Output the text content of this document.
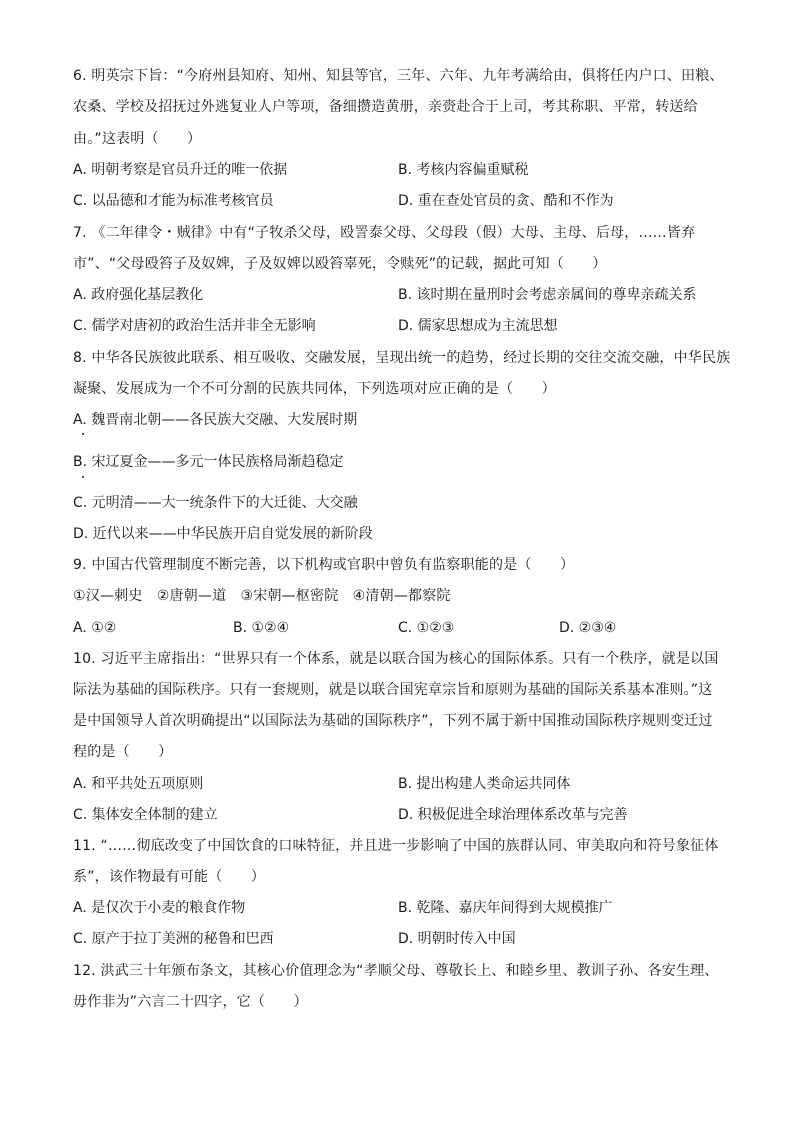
6. 明英宗下旨：“今府州县知府、知州、知县等官，三年、六年、九年考满给由，俱将任内户口、田粮、
农桑、学校及招抚过外逃复业人户等项，备细攒造黄册，亲赍赴合于上司，考其称职、平常，转送给
由。”这表明（　　）
A. 明朝考察是官员升迁的唯一依据	B. 考核内容偏重赋税
C. 以品德和才能为标准考核官员	D. 重在查处官员的贪、酷和不作为
7. 《二年律令・贼律》中有“子牧杀父母，殴詈泰父母、父母段（假）大母、主母、后母，……皆弃
市”、“父母殴笞子及奴婢，子及奴婢以殴笞辜死，令赎死”的记载，据此可知（　　）
A. 政府强化基层教化	B. 该时期在量刑时会考虑亲属间的尊卑亲疏关系
C. 儒学对唐初的政治生活并非全无影响	D. 儒家思想成为主流思想
8. 中华各民族彼此联系、相互吸收、交融发展，呈现出统一的趋势，经过长期的交往交流交融，中华民族
凝聚、发展成为一个不可分割的民族共同体，下列选项对应正确的是（　　）
A. 魏晋南北朝——各民族大交融、大发展时期
B. 宋辽夏金——多元一体民族格局渐趋稳定
C. 元明清——大一统条件下的大迁徙、大交融
D. 近代以来——中华民族开启自觉发展的新阶段
9. 中国古代管理制度不断完善，以下机构或官职中曾负有监察职能的是（　　）
①汉—刺史　②唐朝—道　③宋朝—枢密院　④清朝—都察院
A. ①②	B. ①②④	C. ①②③	D. ②③④
10. 习近平主席指出：“世界只有一个体系，就是以联合国为核心的国际体系。只有一个秩序，就是以国
际法为基础的国际秩序。只有一套规则，就是以联合国宪章宗旨和原则为基础的国际关系基本准则。”这
是中国领导人首次明确提出“以国际法为基础的国际秩序”，下列不属于新中国推动国际秩序规则变迁过
程的是（　　）
A. 和平共处五项原则	B. 提出构建人类命运共同体
C. 集体安全体制的建立	D. 积极促进全球治理体系改革与完善
11. “……彻底改变了中国饮食的口味特征，并且进一步影响了中国的族群认同、审美取向和符号象征体
系”，该作物最有可能（　　）
A. 是仅次于小麦的粮食作物	B. 乾隆、嘉庆年间得到大规模推广
C. 原产于拉丁美洲的秘鲁和巴西	D. 明朝时传入中国
12. 洪武三十年颁布条文，其核心价值理念为“孝顺父母、尊敬长上、和睦乡里、教训子孙、各安生理、
毋作非为”六言二十四字，它（　　）
